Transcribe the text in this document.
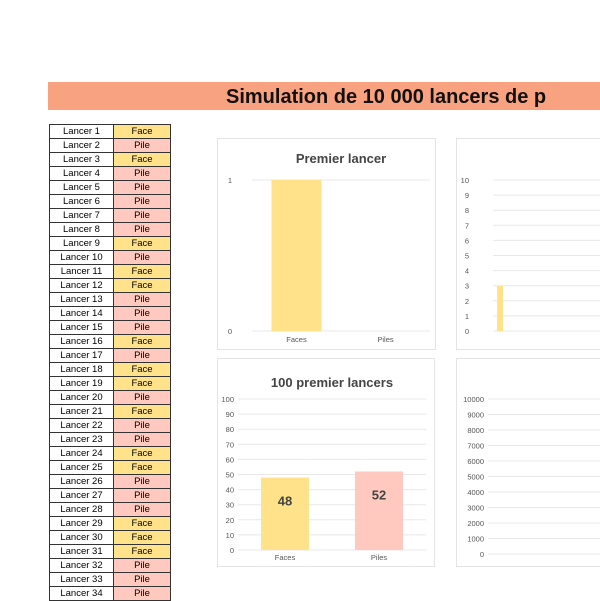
Simulation de 10 000 lancers de p
Lancer 1	Face
Lancer 2	Pile
Lancer 3	Face
Lancer 4	Pile
Lancer 5	Pile
Lancer 6	Pile
Lancer 7	Pile
Lancer 8	Pile
Lancer 9	Face
Lancer 10	Pile
Lancer 11	Face
Lancer 12	Face
Lancer 13	Pile
Lancer 14	Pile
Lancer 15	Pile
Lancer 16	Face
Lancer 17	Pile
Lancer 18	Face
Lancer 19	Face
Lancer 20	Pile
Lancer 21	Face
Lancer 22	Pile
Lancer 23	Pile
Lancer 24	Face
Lancer 25	Face
Lancer 26	Pile
Lancer 27	Pile
Lancer 28	Pile
Lancer 29	Face
Lancer 30	Face
Lancer 31	Face
Lancer 32	Pile
Lancer 33	Pile
Lancer 34	Pile
Premier lancer
0
1
Faces	Piles
0
1
2
3
4
5
6
7
8
9
10
100 premier lancers
0
10
20
30
40
50
60
70
80
90
100
48
Faces
52
Piles	0
1000
2000
3000
4000
5000
6000
7000
8000
9000
10000
